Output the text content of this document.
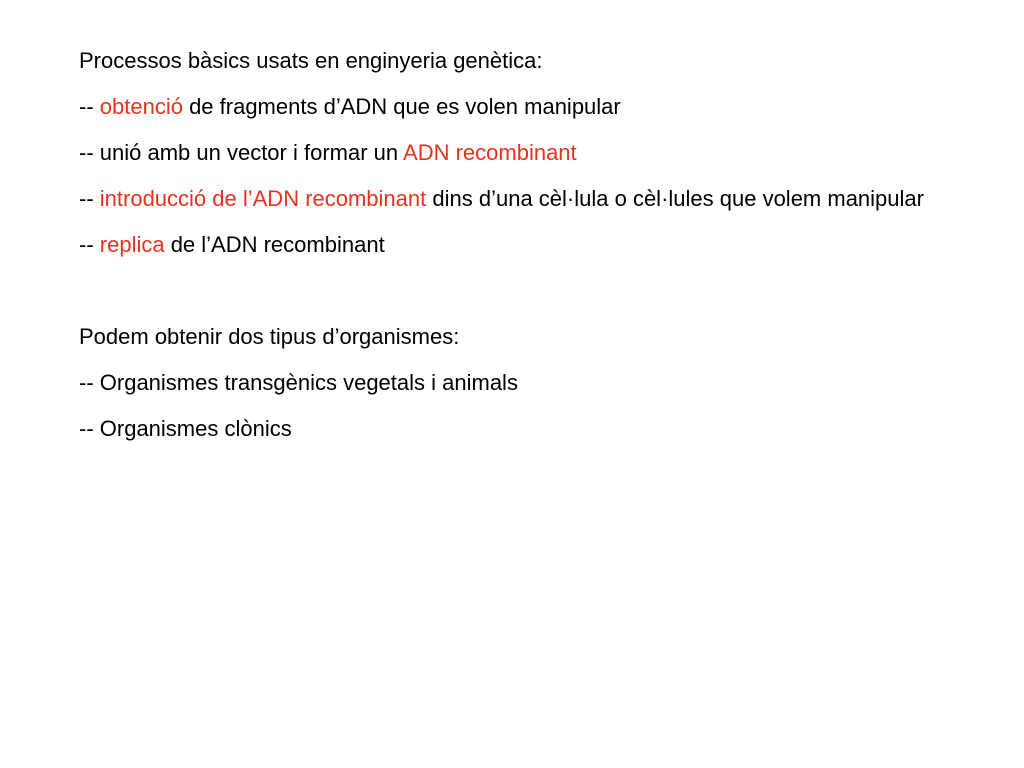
Processos bàsics usats en enginyeria genètica:
-- obtenció de fragments d’ADN que es volen manipular
-- unió amb un vector i formar un ADN recombinant
-- introducció de l’ADN recombinant dins d’una cèl·lula o cèl·lules que volem manipular
-- replica de l’ADN recombinant
Podem obtenir dos tipus d’organismes:
-- Organismes transgènics vegetals i animals
-- Organismes clònics
